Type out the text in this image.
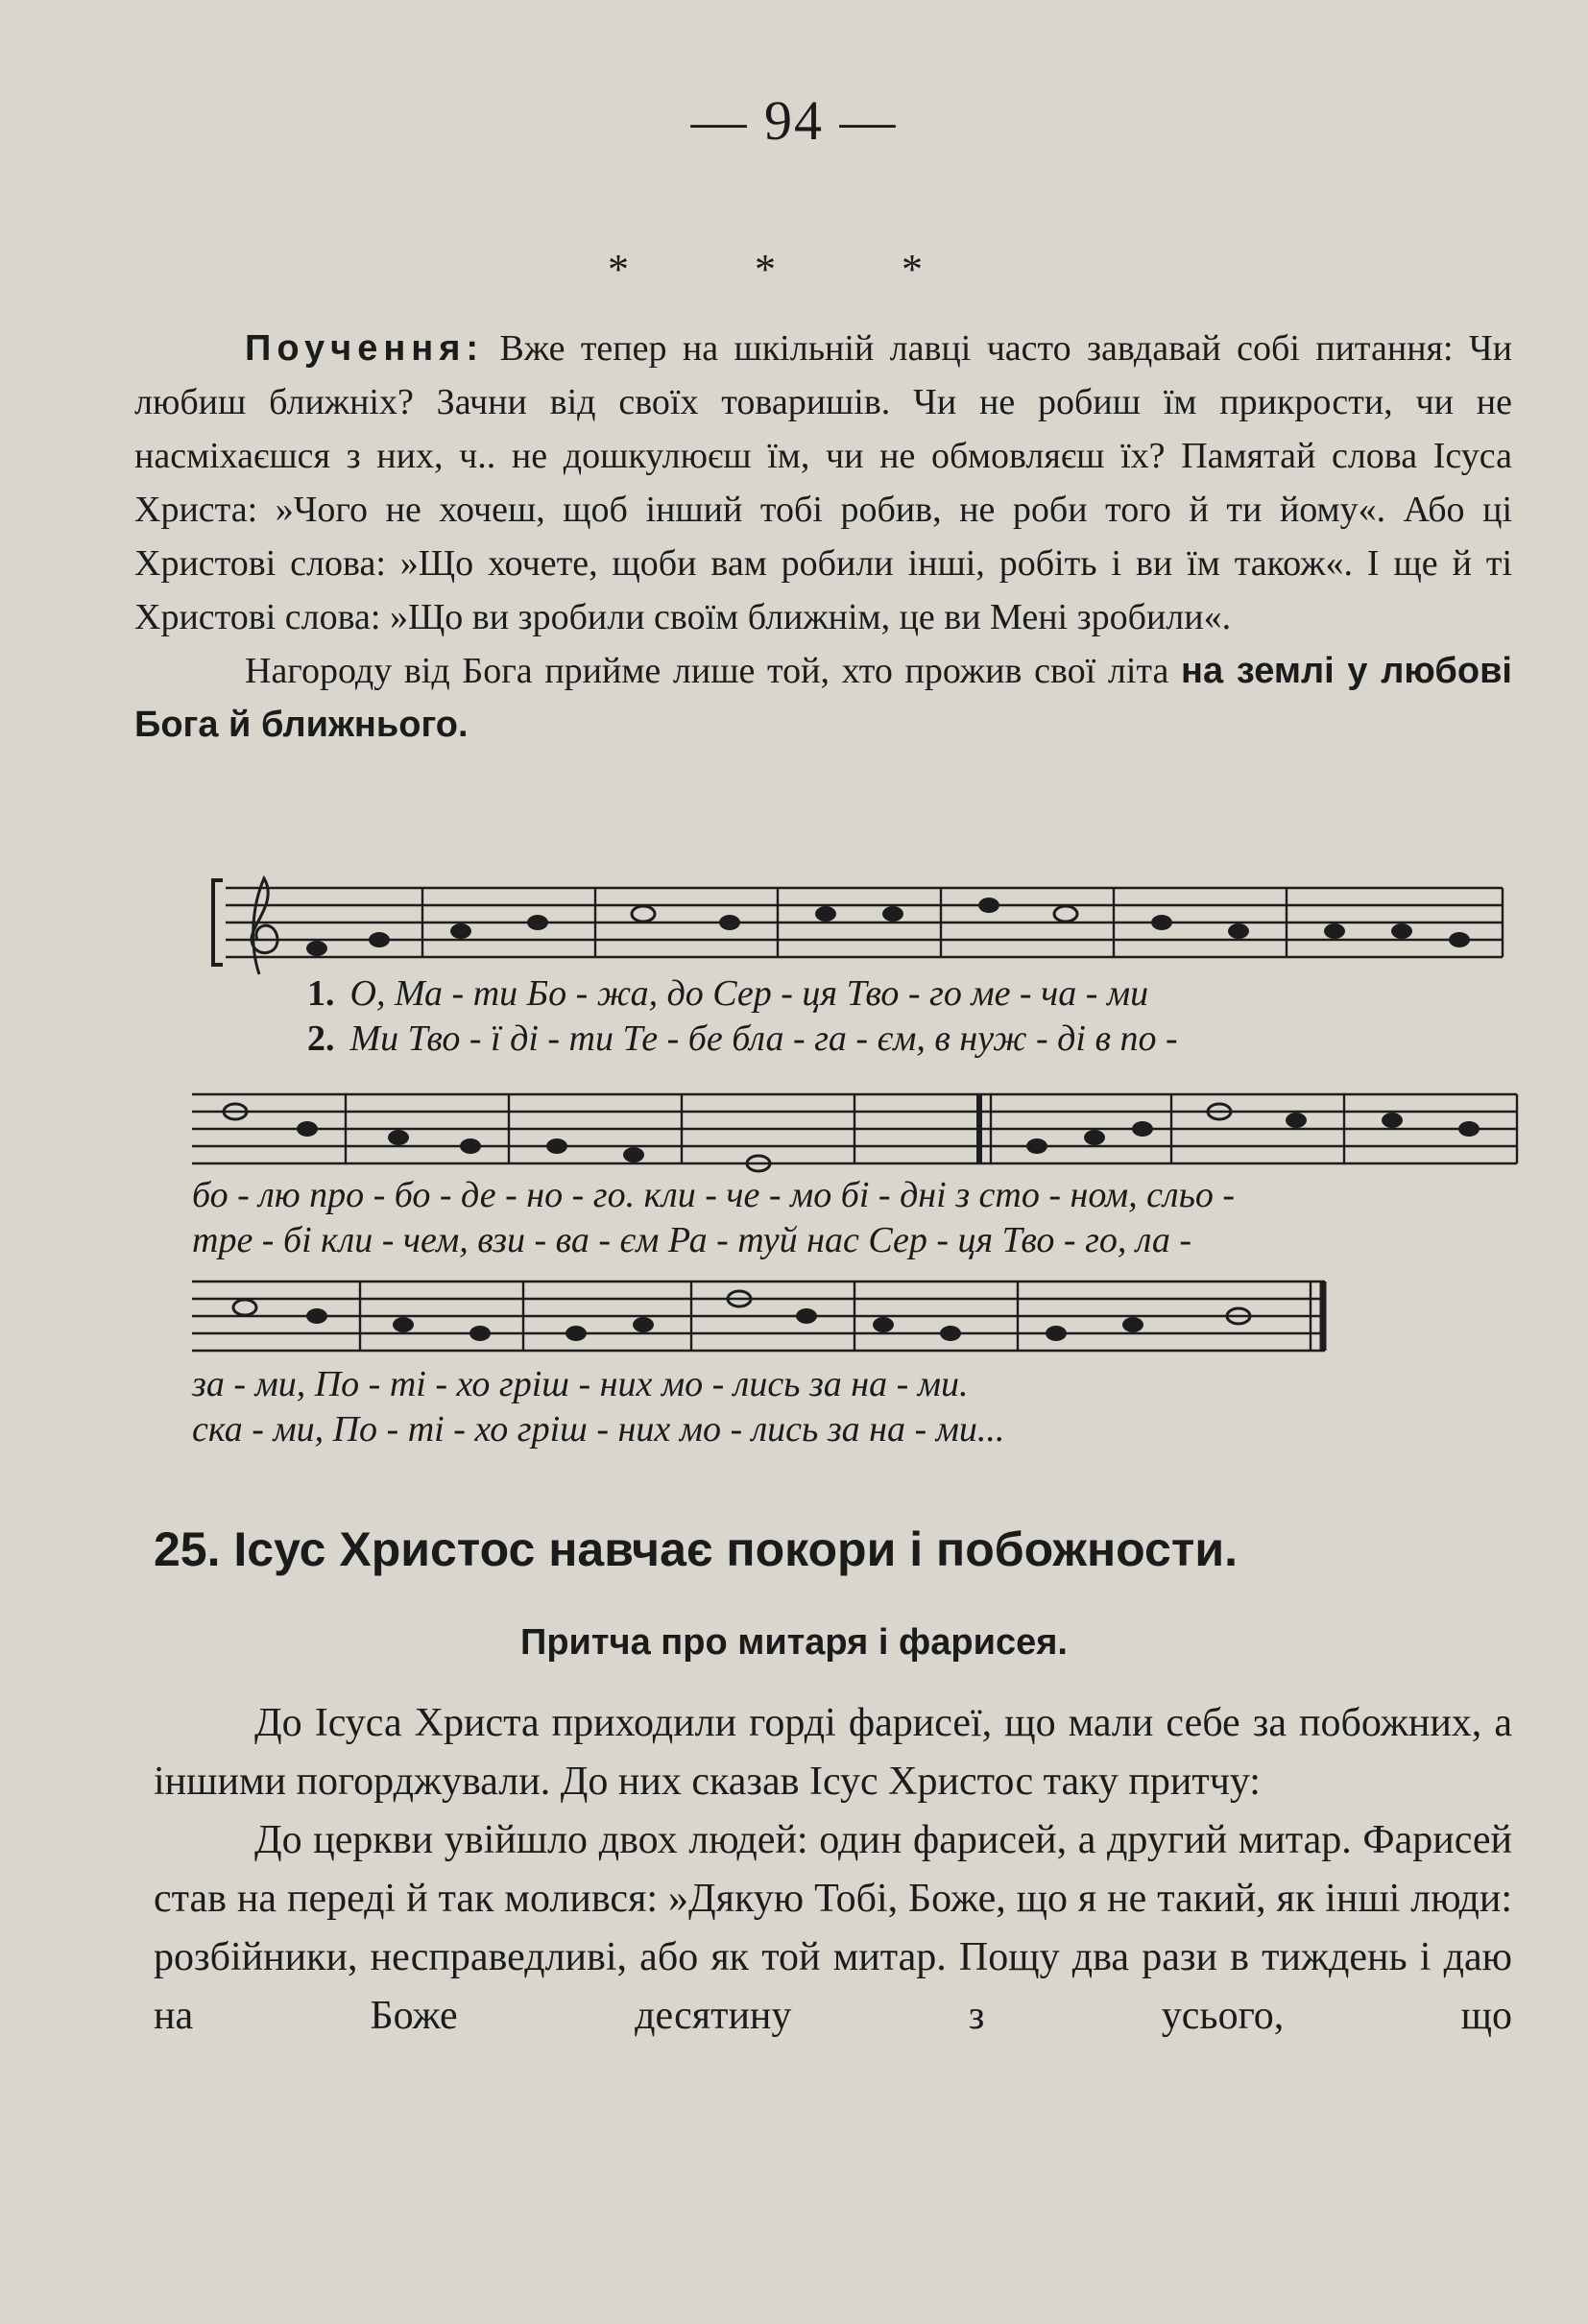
— 94 —
* * *

Поучення: Вже тепер на шкільній лавці часто завдавай собі питання: Чи любиш ближніх? Зачни від своїх товаришів. Чи не робиш їм прикрости, чи не насміхаєшся з них, ч.. не дошкулюєш їм, чи не обмовляєш їх? Памятай слова Ісуса Христа: »Чого не хочеш, щоб інший тобі робив, не роби того й ти йому«. Або ці Христові слова: »Що хочете, щоби вам робили інші, робіть і ви їм також«. І ще й ті Христові слова: »Що ви зробили своїм ближнім, це ви Мені зробили«.

Нагороду від Бога прийме лише той, хто прожив свої літа на землі у любові Бога й ближнього.

1. О, Ма - ти Бо - жа, до Сер - ця Тво - го ме - ча - ми
2. Ми Тво - ї ді - ти Те - бе бла - га - єм, в нуж - ді в по -
бо - лю про - бо - де - но - го. кли - че - мо бі - дні з сто - ном, сльо -
тре - бі кли - чем, взи - ва - єм Ра - туй нас Сер - ця Тво - го, ла -
за - ми, По - ті - хо гріш - них мо - лись за на - ми.
ска - ми, По - ті - хо гріш - них мо - лись за на - ми...
25. Ісус Христос навчає покори і побожности.
Притча про митаря і фарисея.

До Ісуса Христа приходили горді фарисеї, що мали себе за побожних, а іншими погорджували. До них сказав Ісус Христос таку притчу:

До церкви увійшло двох людей: один фарисей, а другий митар. Фарисей став на переді й так молився: »Дякую Тобі, Боже, що я не такий, як інші люди: розбійники, несправедливі, або як той митар. Пощу два рази в тиждень і даю на Боже десятину з усього, що
